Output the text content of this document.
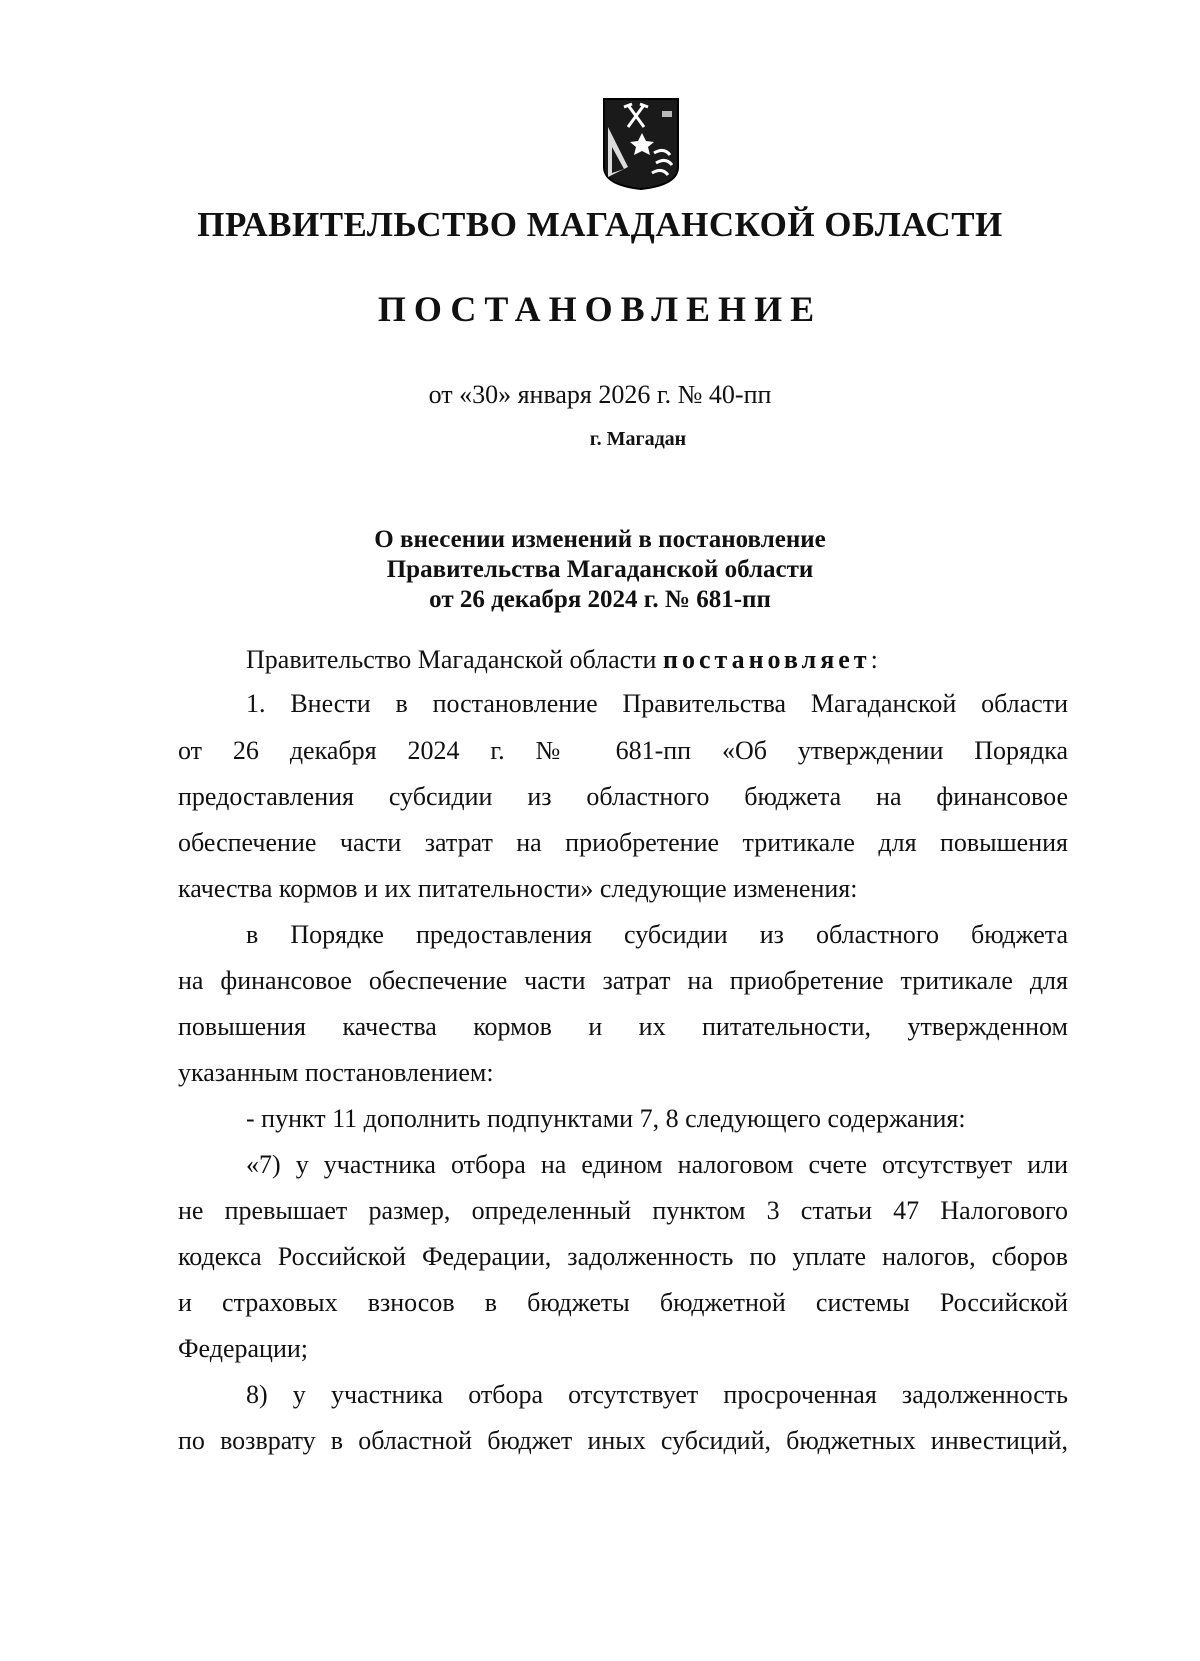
ПРАВИТЕЛЬСТВО МАГАДАНСКОЙ ОБЛАСТИ
ПОСТАНОВЛЕНИЕ
от «30» января 2026 г. № 40-пп
г. Магадан
О внесении изменений в постановление
Правительства Магаданской области
от 26 декабря 2024 г. № 681-пп
Правительство Магаданской области постановляет:
1. Внести в постановление Правительства Магаданской области
от 26 декабря 2024 г. № 681-пп «Об утверждении Порядка
предоставления субсидии из областного бюджета на финансовое
обеспечение части затрат на приобретение тритикале для повышения
качества кормов и их питательности» следующие изменения:
в Порядке предоставления субсидии из областного бюджета
на финансовое обеспечение части затрат на приобретение тритикале для
повышения качества кормов и их питательности, утвержденном
указанным постановлением:
- пункт 11 дополнить подпунктами 7, 8 следующего содержания:
«7) у участника отбора на едином налоговом счете отсутствует или
не превышает размер, определенный пунктом 3 статьи 47 Налогового
кодекса Российской Федерации, задолженность по уплате налогов, сборов
и страховых взносов в бюджеты бюджетной системы Российской
Федерации;
8) у участника отбора отсутствует просроченная задолженность
по возврату в областной бюджет иных субсидий, бюджетных инвестиций,
